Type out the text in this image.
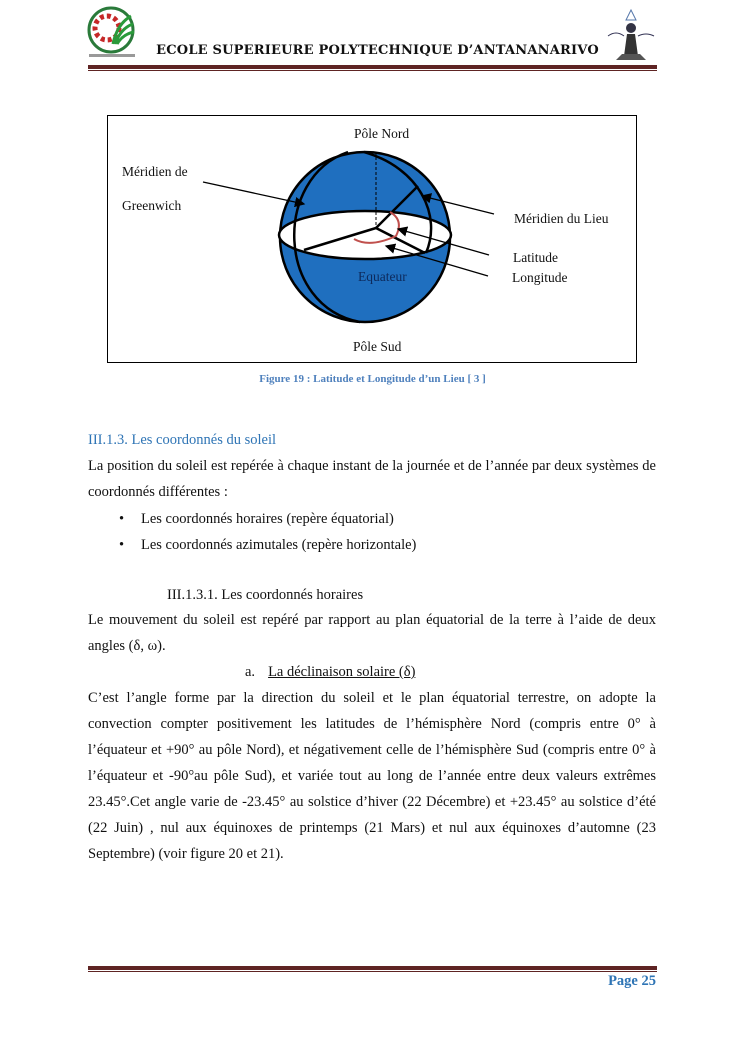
ECOLE SUPERIEURE POLYTECHNIQUE D’ANTANANARIVO
Pôle Nord
Méridien de
Greenwich
Méridien du Lieu
Latitude
Longitude
Equateur
Pôle Sud
Figure 19 : Latitude et Longitude d’un Lieu [ 3 ]
III.1.3. Les coordonnés du soleil
La position du soleil est repérée à chaque instant de la journée et de l’année par deux systèmes de coordonnés différentes :
• Les coordonnés horaires (repère équatorial)
• Les coordonnés azimutales (repère horizontale)
III.1.3.1. Les coordonnés horaires
Le mouvement du soleil est repéré par rapport au plan équatorial de la terre à l’aide de deux angles (δ, ω).
a. La déclinaison solaire (δ)
C’est l’angle forme par la direction du soleil et le plan équatorial terrestre, on adopte la convection compter positivement les latitudes de l’hémisphère Nord (compris entre 0° à l’équateur et +90° au pôle Nord), et négativement celle de l’hémisphère Sud (compris entre 0° à l’équateur et -90°au pôle Sud), et variée tout au long de l’année entre deux valeurs extrêmes 23.45°.Cet angle varie de -23.45° au solstice d’hiver (22 Décembre) et +23.45° au solstice d’été (22 Juin) , nul aux équinoxes de printemps (21 Mars) et nul aux équinoxes d’automne (23 Septembre) (voir figure 20 et 21).
Page 25
